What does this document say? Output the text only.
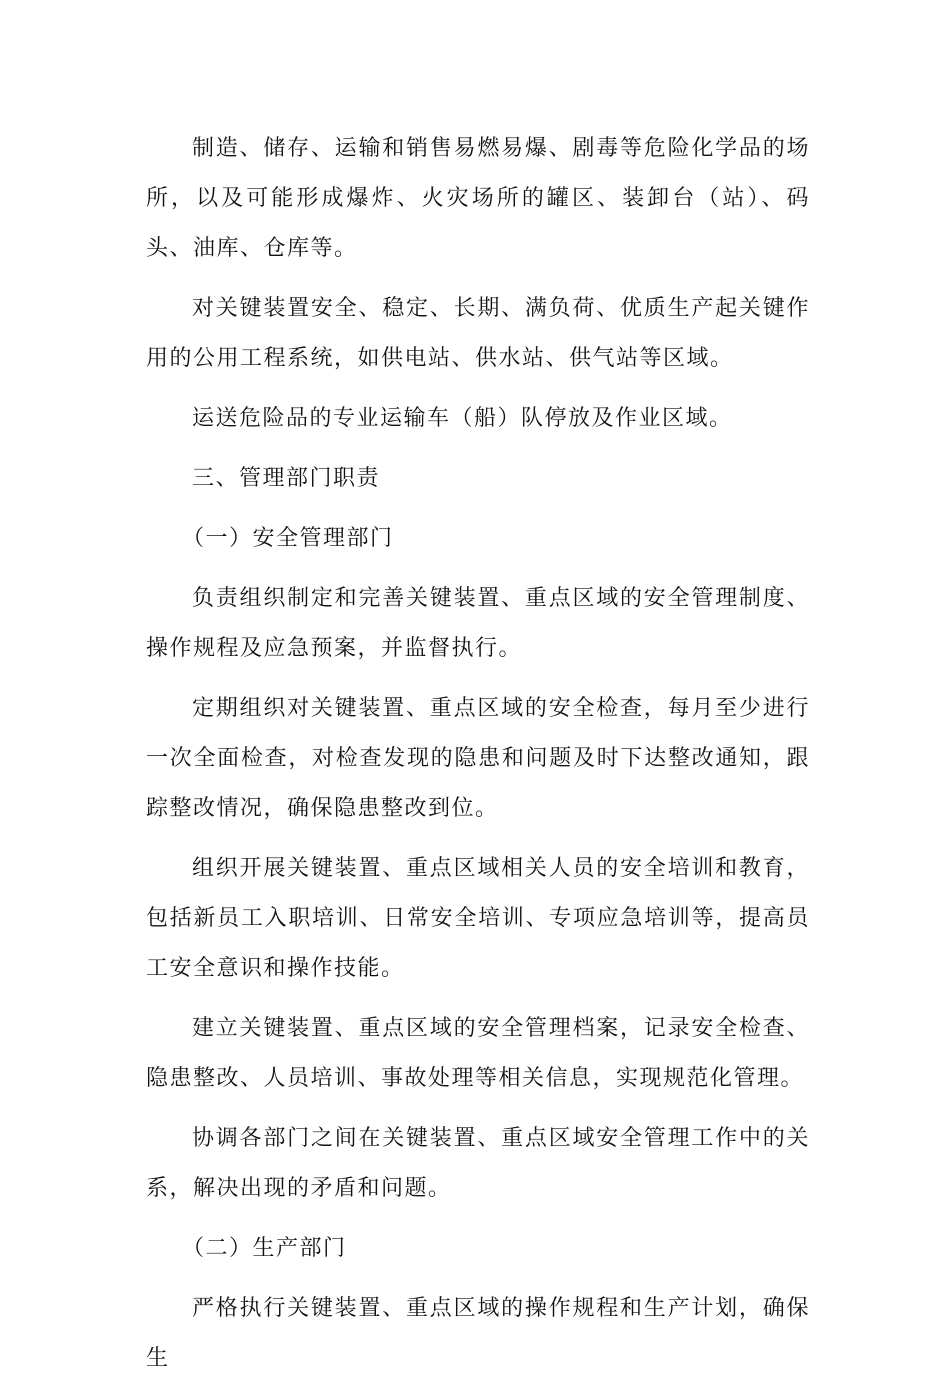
制造、储存、运输和销售易燃易爆、剧毒等危险化学品的场所，以及可能形成爆炸、火灾场所的罐区、装卸台（站）、码头、油库、仓库等。

对关键装置安全、稳定、长期、满负荷、优质生产起关键作用的公用工程系统，如供电站、供水站、供气站等区域。

运送危险品的专业运输车（船）队停放及作业区域。

三、管理部门职责

（一）安全管理部门

负责组织制定和完善关键装置、重点区域的安全管理制度、操作规程及应急预案，并监督执行。

定期组织对关键装置、重点区域的安全检查，每月至少进行一次全面检查，对检查发现的隐患和问题及时下达整改通知，跟踪整改情况，确保隐患整改到位。

组织开展关键装置、重点区域相关人员的安全培训和教育，包括新员工入职培训、日常安全培训、专项应急培训等，提高员工安全意识和操作技能。

建立关键装置、重点区域的安全管理档案，记录安全检查、隐患整改、人员培训、事故处理等相关信息，实现规范化管理。

协调各部门之间在关键装置、重点区域安全管理工作中的关系，解决出现的矛盾和问题。

（二）生产部门

严格执行关键装置、重点区域的操作规程和生产计划，确保生
